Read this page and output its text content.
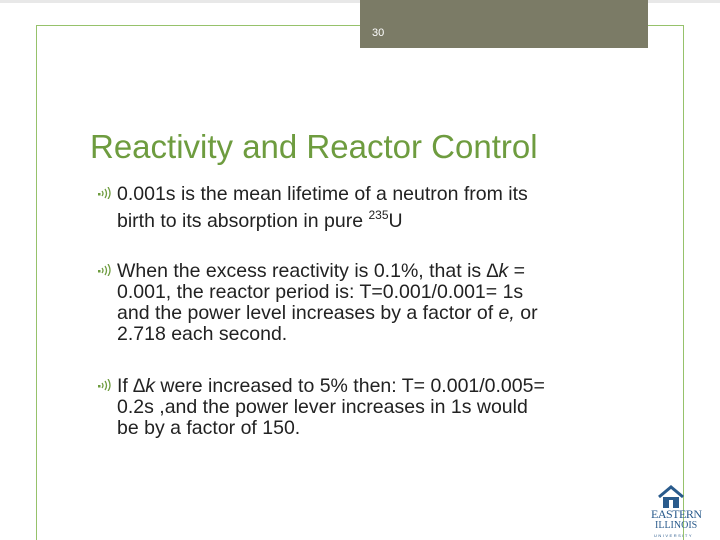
30
Reactivity and Reactor Control
0.001s is the mean lifetime of a neutron from its
birth to its absorption in pure $^{235}$U
When the excess reactivity is 0.1%, that is ∆k =
0.001, the reactor period is: T=0.001/0.001= 1s
and the power level increases by a factor of e, or
2.718 each second.
If ∆k were increased to 5% then: T= 0.001/0.005=
0.2s ,and the power lever increases in 1s would
be by a factor of 150.
EASTERN
ILLINOIS
UNIVERSITY
